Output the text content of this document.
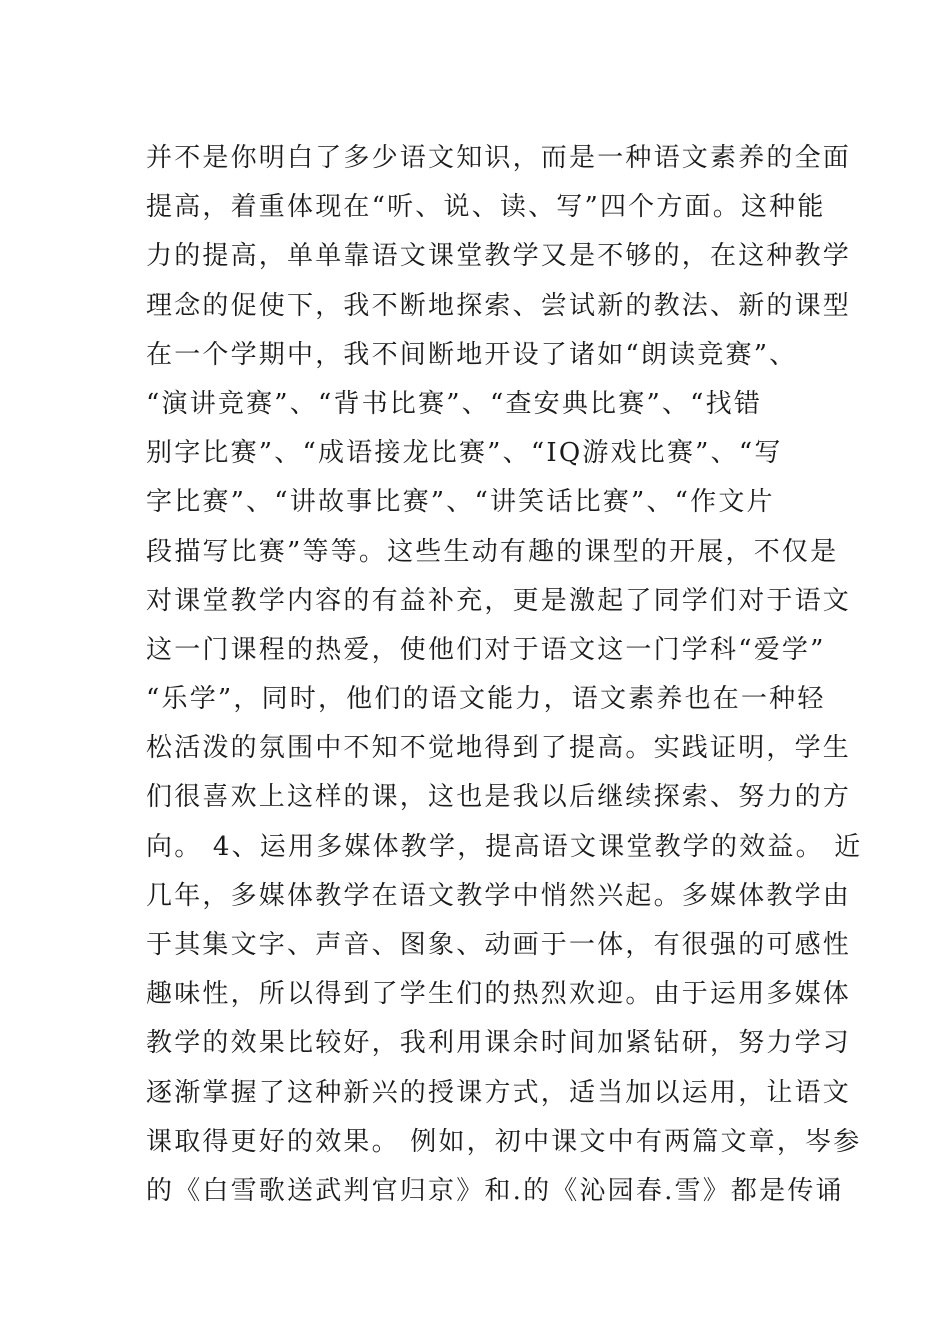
并不是你明白了多少语文知识，而是一种语文素养的全面
提高，着重体现在“听、说、读、写”四个方面。这种能
力的提高，单单靠语文课堂教学又是不够的，在这种教学
理念的促使下，我不断地探索、尝试新的教法、新的课型
在一个学期中，我不间断地开设了诸如“朗读竞赛”、
“演讲竞赛”、“背书比赛”、“查安典比赛”、“找错
别字比赛”、“成语接龙比赛”、“IQ游戏比赛”、“写
字比赛”、“讲故事比赛”、“讲笑话比赛”、“作文片
段描写比赛”等等。这些生动有趣的课型的开展，不仅是
对课堂教学内容的有益补充，更是激起了同学们对于语文
这一门课程的热爱，使他们对于语文这一门学科“爱学”
“乐学”，同时，他们的语文能力，语文素养也在一种轻
松活泼的氛围中不知不觉地得到了提高。实践证明，学生
们很喜欢上这样的课，这也是我以后继续探索、努力的方
向。 4、运用多媒体教学，提高语文课堂教学的效益。 近
几年，多媒体教学在语文教学中悄然兴起。多媒体教学由
于其集文字、声音、图象、动画于一体，有很强的可感性
趣味性，所以得到了学生们的热烈欢迎。由于运用多媒体
教学的效果比较好，我利用课余时间加紧钻研，努力学习
逐渐掌握了这种新兴的授课方式，适当加以运用，让语文
课取得更好的效果。 例如，初中课文中有两篇文章，岑参
的《白雪歌送武判官归京》和.的《沁园春.雪》都是传诵
